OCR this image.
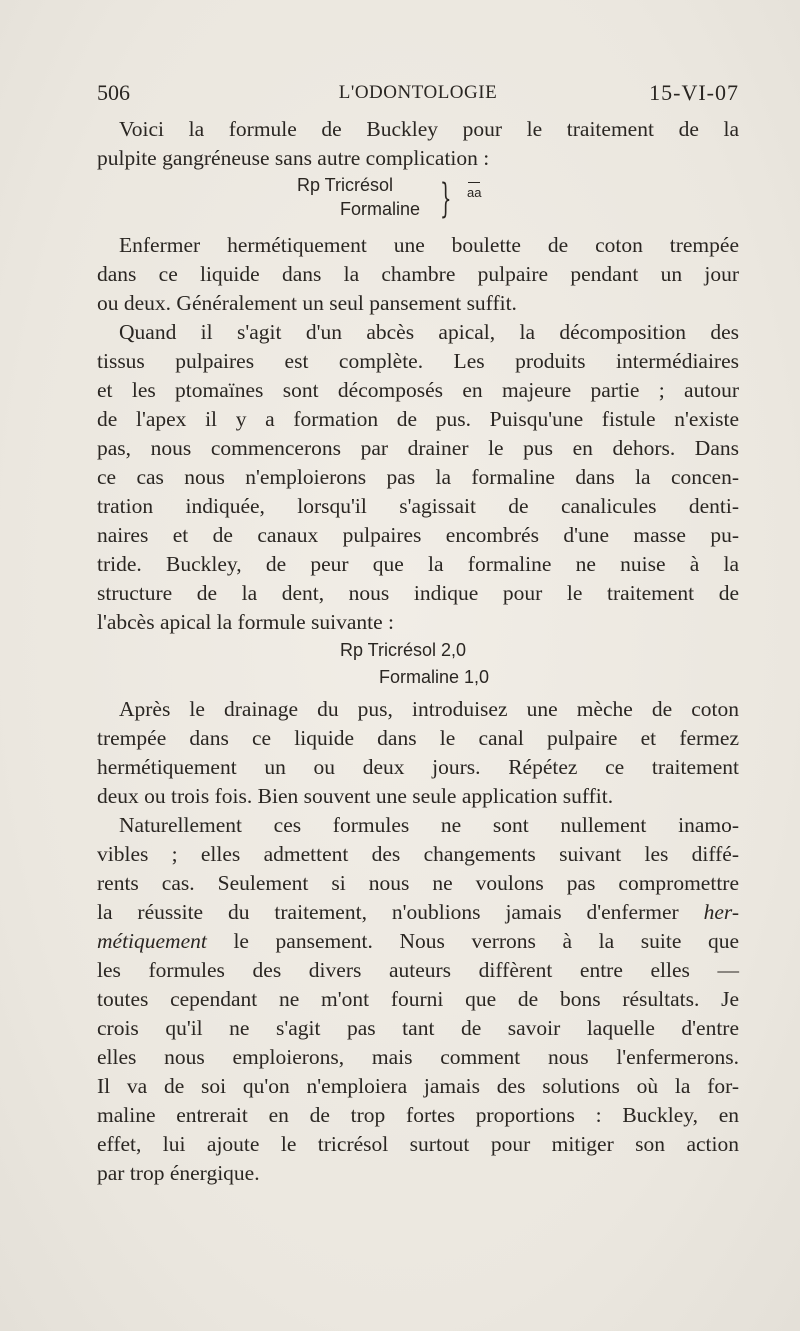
506	L'ODONTOLOGIE	15-VI-07
Voici la formule de Buckley pour le traitement de la
pulpite gangréneuse sans autre complication :
Rp Tricrésol
Formaline } aa
Enfermer hermétiquement une boulette de coton trempée
dans ce liquide dans la chambre pulpaire pendant un jour
ou deux. Généralement un seul pansement suffit.
Quand il s'agit d'un abcès apical, la décomposition des
tissus pulpaires est complète. Les produits intermédiaires
et les ptomaïnes sont décomposés en majeure partie ; autour
de l'apex il y a formation de pus. Puisqu'une fistule n'existe
pas, nous commencerons par drainer le pus en dehors. Dans
ce cas nous n'emploierons pas la formaline dans la concen-
tration indiquée, lorsqu'il s'agissait de canalicules denti-
naires et de canaux pulpaires encombrés d'une masse pu-
tride. Buckley, de peur que la formaline ne nuise à la
structure de la dent, nous indique pour le traitement de
l'abcès apical la formule suivante :
Rp Tricrésol 2,0
Formaline 1,0
Après le drainage du pus, introduisez une mèche de coton
trempée dans ce liquide dans le canal pulpaire et fermez
hermétiquement un ou deux jours. Répétez ce traitement
deux ou trois fois. Bien souvent une seule application suffit.
Naturellement ces formules ne sont nullement inamo-
vibles ; elles admettent des changements suivant les diffé-
rents cas. Seulement si nous ne voulons pas compromettre
la réussite du traitement, n'oublions jamais d'enfermer her-
métiquement le pansement. Nous verrons à la suite que
les formules des divers auteurs diffèrent entre elles —
toutes cependant ne m'ont fourni que de bons résultats. Je
crois qu'il ne s'agit pas tant de savoir laquelle d'entre
elles nous emploierons, mais comment nous l'enfermerons.
Il va de soi qu'on n'emploiera jamais des solutions où la for-
maline entrerait en de trop fortes proportions : Buckley, en
effet, lui ajoute le tricrésol surtout pour mitiger son action
par trop énergique.
